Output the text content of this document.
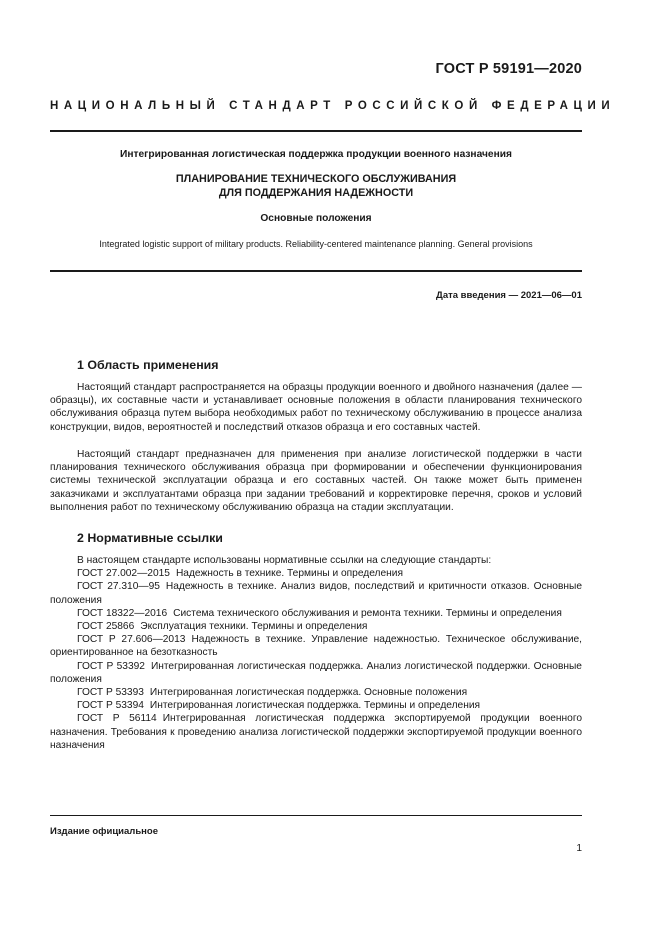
ГОСТ Р 59191—2020
НАЦИОНАЛЬНЫЙ СТАНДАРТ РОССИЙСКОЙ ФЕДЕРАЦИИ
Интегрированная логистическая поддержка продукции военного назначения
ПЛАНИРОВАНИЕ ТЕХНИЧЕСКОГО ОБСЛУЖИВАНИЯ
ДЛЯ ПОДДЕРЖАНИЯ НАДЕЖНОСТИ
Основные положения
Integrated logistic support of military products. Reliability-centered maintenance planning. General provisions
Дата введения — 2021—06—01
1 Область применения

Настоящий стандарт распространяется на образцы продукции военного и двойного назначения (далее — образцы), их составные части и устанавливает основные положения в области планирования технического обслуживания образца путем выбора необходимых работ по техническому обслуживанию в процессе анализа конструкции, видов, вероятностей и последствий отказов образца и его составных частей.

Настоящий стандарт предназначен для применения при анализе логистической поддержки в части планирования технического обслуживания образца при формировании и обеспечении функционирования системы технической эксплуатации образца и его составных частей. Он также может быть применен заказчиками и эксплуатантами образца при задании требований и корректировке перечня, сроков и условий выполнения работ по техническому обслуживанию образца на стадии эксплуатации.

2 Нормативные ссылки

В настоящем стандарте использованы нормативные ссылки на следующие стандарты:

ГОСТ 27.002—2015 Надежность в технике. Термины и определения

ГОСТ 27.310—95 Надежность в технике. Анализ видов, последствий и критичности отказов. Основные положения

ГОСТ 18322—2016 Система технического обслуживания и ремонта техники. Термины и определения

ГОСТ 25866 Эксплуатация техники. Термины и определения

ГОСТ Р 27.606—2013 Надежность в технике. Управление надежностью. Техническое обслуживание, ориентированное на безотказность

ГОСТ Р 53392 Интегрированная логистическая поддержка. Анализ логистической поддержки. Основные положения

ГОСТ Р 53393 Интегрированная логистическая поддержка. Основные положения

ГОСТ Р 53394 Интегрированная логистическая поддержка. Термины и определения

ГОСТ Р 56114 Интегрированная логистическая поддержка экспортируемой продукции военного назначения. Требования к проведению анализа логистической поддержки экспортируемой продукции военного назначения

Издание официальное
1
